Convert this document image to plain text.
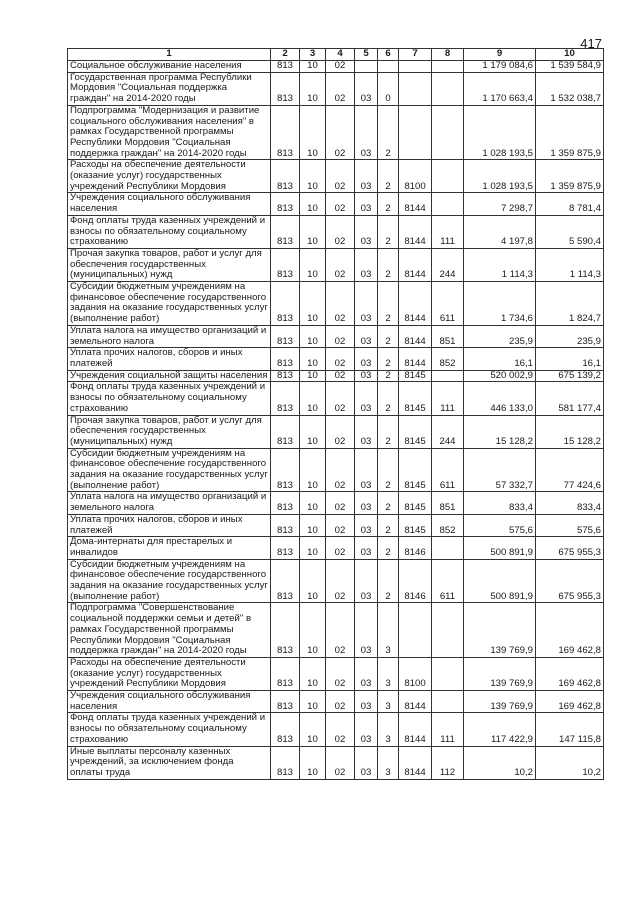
417
1	2	3	4	5	6	7	8	9	10
Социальное обслуживание населения	813	10	02					1 179 084,6	1 539 584,9
Государственная программа Республики Мордовия "Социальная поддержка граждан" на 2014-2020 годы	813	10	02	03	0			1 170 663,4	1 532 038,7
Подпрограмма "Модернизация и развитие социального обслуживания населения" в рамках Государственной программы Республики Мордовия "Социальная поддержка граждан" на 2014-2020 годы	813	10	02	03	2			1 028 193,5	1 359 875,9
Расходы на обеспечение деятельности (оказание услуг) государственных учреждений Республики Мордовия	813	10	02	03	2	8100		1 028 193,5	1 359 875,9
Учреждения социального обслуживания населения	813	10	02	03	2	8144		7 298,7	8 781,4
Фонд оплаты труда казенных учреждений и взносы по обязательному социальному страхованию	813	10	02	03	2	8144	111	4 197,8	5 590,4
Прочая закупка товаров, работ и услуг для обеспечения государственных (муниципальных) нужд	813	10	02	03	2	8144	244	1 114,3	1 114,3
Субсидии бюджетным учреждениям на финансовое обеспечение государственного задания на оказание государственных услуг (выполнение работ)	813	10	02	03	2	8144	611	1 734,6	1 824,7
Уплата налога на имущество организаций и земельного налога	813	10	02	03	2	8144	851	235,9	235,9
Уплата прочих налогов, сборов и иных платежей	813	10	02	03	2	8144	852	16,1	16,1
Учреждения социальной защиты населения	813	10	02	03	2	8145		520 002,9	675 139,2
Фонд оплаты труда казенных учреждений и взносы по обязательному социальному страхованию	813	10	02	03	2	8145	111	446 133,0	581 177,4
Прочая закупка товаров, работ и услуг для обеспечения государственных (муниципальных) нужд	813	10	02	03	2	8145	244	15 128,2	15 128,2
Субсидии бюджетным учреждениям на финансовое обеспечение государственного задания на оказание государственных услуг (выполнение работ)	813	10	02	03	2	8145	611	57 332,7	77 424,6
Уплата налога на имущество организаций и земельного налога	813	10	02	03	2	8145	851	833,4	833,4
Уплата прочих налогов, сборов и иных платежей	813	10	02	03	2	8145	852	575,6	575,6
Дома-интернаты для престарелых и инвалидов	813	10	02	03	2	8146		500 891,9	675 955,3
Субсидии бюджетным учреждениям на финансовое обеспечение государственного задания на оказание государственных услуг (выполнение работ)	813	10	02	03	2	8146	611	500 891,9	675 955,3
Подпрограмма "Совершенствование социальной поддержки семьи и детей" в рамках Государственной программы Республики Мордовия "Социальная поддержка граждан" на 2014-2020 годы	813	10	02	03	3			139 769,9	169 462,8
Расходы на обеспечение деятельности (оказание услуг) государственных учреждений Республики Мордовия	813	10	02	03	3	8100		139 769,9	169 462,8
Учреждения социального обслуживания населения	813	10	02	03	3	8144		139 769,9	169 462,8
Фонд оплаты труда казенных учреждений и взносы по обязательному социальному страхованию	813	10	02	03	3	8144	111	117 422,9	147 115,8
Иные выплаты персоналу казенных учреждений, за исключением фонда оплаты труда	813	10	02	03	3	8144	112	10,2	10,2
